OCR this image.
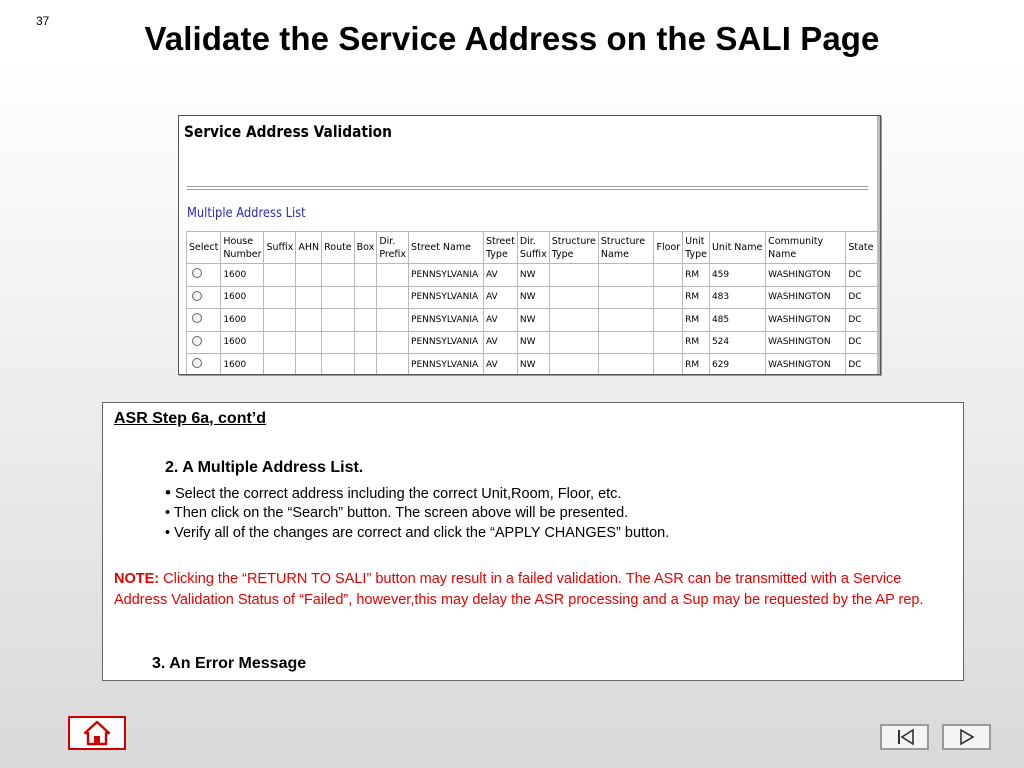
37	Validate the Service Address on the SALI Page
Service Address Validation
Multiple Address List
Select	House Number	Suffix	AHN	Route	Box	Dir. Prefix	Street Name	Street Type	Dir. Suffix	Structure Type	Structure Name	Floor	Unit Type	Unit Name	Community Name	State
	1600						PENNSYLVANIA	AV	NW				RM	459	WASHINGTON	DC
	1600						PENNSYLVANIA	AV	NW				RM	483	WASHINGTON	DC
	1600						PENNSYLVANIA	AV	NW				RM	485	WASHINGTON	DC
	1600						PENNSYLVANIA	AV	NW				RM	524	WASHINGTON	DC
	1600						PENNSYLVANIA	AV	NW				RM	629	WASHINGTON	DC
ASR Step 6a, cont’d
2. A Multiple Address List.
• Select the correct address including the correct Unit,Room, Floor, etc.
• Then click on the “Search” button. The screen above will be presented.
• Verify all of the changes are correct and click the “APPLY CHANGES” button.
NOTE: Clicking the “RETURN TO SALI” button may result in a failed validation. The ASR can be transmitted with a Service Address Validation Status of “Failed”, however,this may delay the ASR processing and a Sup may be requested by the AP rep.
3. An Error Message
